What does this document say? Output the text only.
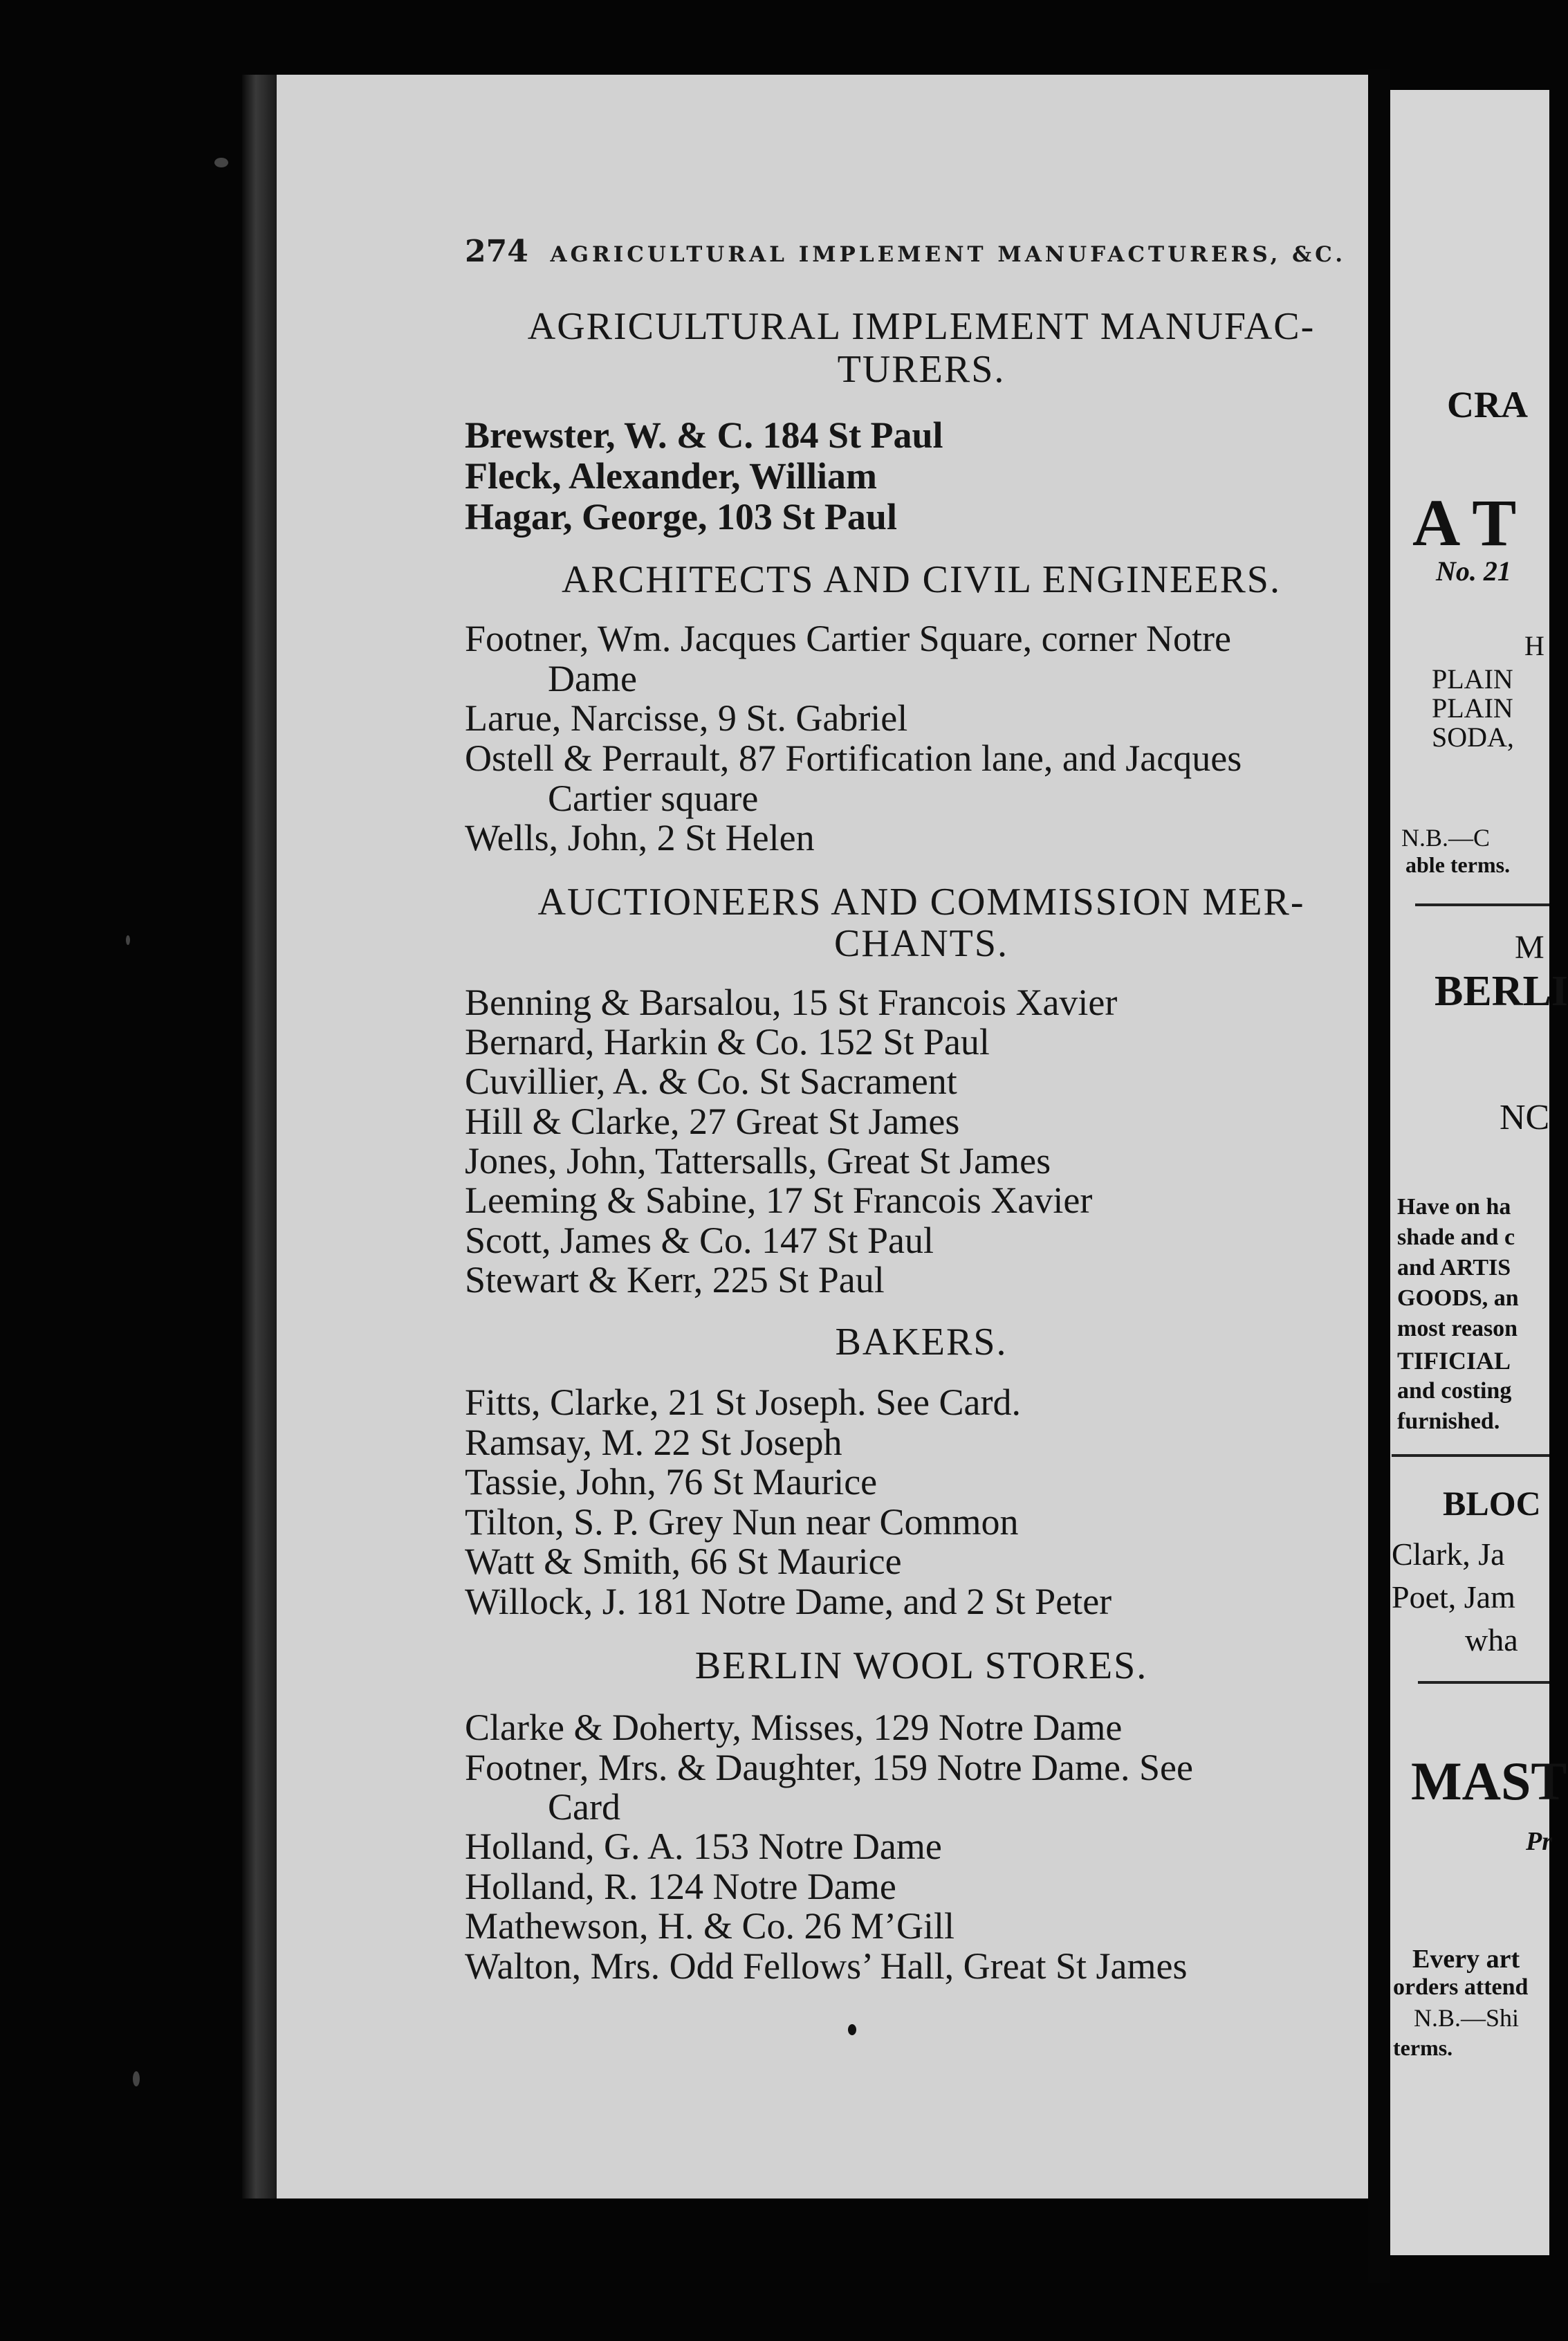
274 AGRICULTURAL IMPLEMENT MANUFACTURERS, &C.
AGRICULTURAL IMPLEMENT MANUFAC-
TURERS.
Brewster, W. & C. 184 St Paul
Fleck, Alexander, William
Hagar, George, 103 St Paul
ARCHITECTS AND CIVIL ENGINEERS.
Footner, Wm. Jacques Cartier Square, corner Notre
Dame
Larue, Narcisse, 9 St. Gabriel
Ostell & Perrault, 87 Fortification lane, and Jacques
Cartier square
Wells, John, 2 St Helen
AUCTIONEERS AND COMMISSION MER-
CHANTS.
Benning & Barsalou, 15 St Francois Xavier
Bernard, Harkin & Co. 152 St Paul
Cuvillier, A. & Co. St Sacrament
Hill & Clarke, 27 Great St James
Jones, John, Tattersalls, Great St James
Leeming & Sabine, 17 St Francois Xavier
Scott, James & Co. 147 St Paul
Stewart & Kerr, 225 St Paul
BAKERS.
Fitts, Clarke, 21 St Joseph. See Card.
Ramsay, M. 22 St Joseph
Tassie, John, 76 St Maurice
Tilton, S. P. Grey Nun near Common
Watt & Smith, 66 St Maurice
Willock, J. 181 Notre Dame, and 2 St Peter
BERLIN WOOL STORES.
Clarke & Doherty, Misses, 129 Notre Dame
Footner, Mrs. & Daughter, 159 Notre Dame. See
Card
Holland, G. A. 153 Notre Dame
Holland, R. 124 Notre Dame
Mathewson, H. & Co. 26 M’Gill
Walton, Mrs. Odd Fellows’ Hall, Great St James
CRA
A T
No. 21
H
PLAIN
PLAIN
SODA,
N.B.—C
able terms.
M
BERLI
NC
Have on ha
shade and c
and ARTIS
GOODS, an
most reason
TIFICIAL
and costing
furnished.
BLOC
Clark, Ja
Poet, Jam
wha
MAST
Pr
Every art
orders attend
N.B.—Shi
terms.
